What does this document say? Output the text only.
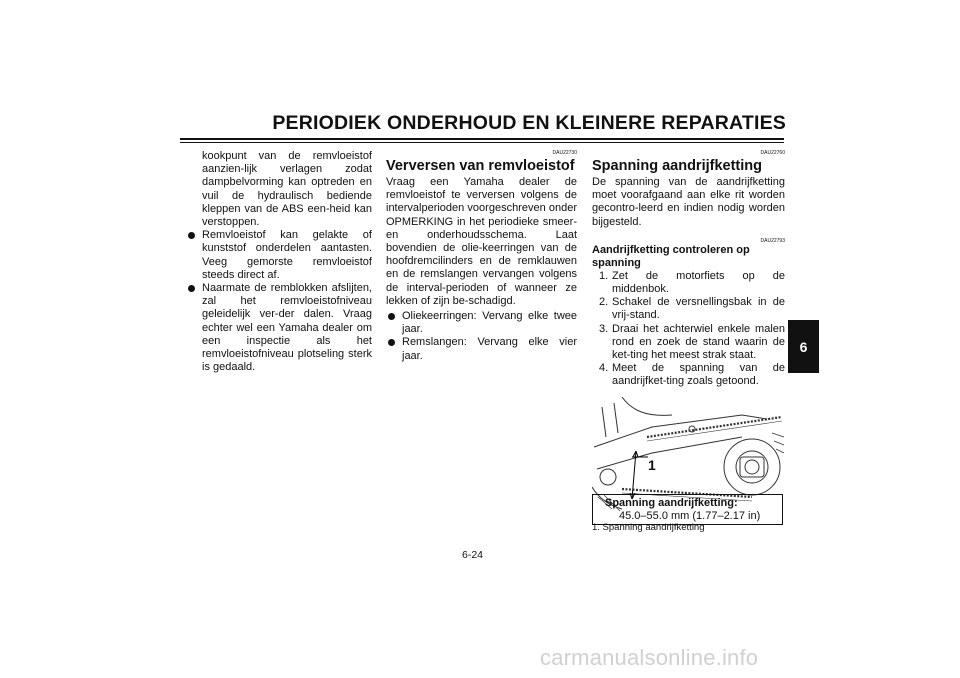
PERIODIEK ONDERHOUD EN KLEINERE REPARATIES
6

kookpunt van de remvloeistof aanzien-lijk verlagen zodat dampbelvorming kan optreden en vuil de hydraulisch bediende kleppen van de ABS een-heid kan verstoppen.

Remvloeistof kan gelakte of kunststof onderdelen aantasten. Veeg gemorste remvloeistof steeds direct af.

Naarmate de remblokken afslijten, zal het remvloeistofniveau geleidelijk ver-der dalen. Vraag echter wel een Yamaha dealer om een inspectie als het remvloeistofniveau plotseling sterk is gedaald.

DAU22730

Verversen van remvloeistof

Vraag een Yamaha dealer de remvloeistof te verversen volgens de intervalperioden voorgeschreven onder OPMERKING in het periodieke smeer- en onderhoudsschema. Laat bovendien de olie-keerringen van de hoofdremcilinders en de remklauwen en de remslangen vervangen volgens de interval-perioden of wanneer ze lekken of zijn be-schadigd.

Oliekeerringen: Vervang elke twee jaar.

Remslangen: Vervang elke vier jaar.

DAU22760

Spanning aandrijfketting

De spanning van de aandrijfketting moet voorafgaand aan elke rit worden gecontro-leerd en indien nodig worden bijgesteld.

DAU22793

Aandrijfketting controleren op spanning

1. Zet de motorfiets op de middenbok.

2. Schakel de versnellingsbak in de vrij-stand.

3. Draai het achterwiel enkele malen rond en zoek de stand waarin de ket-ting het meest strak staat.

4. Meet de spanning van de aandrijfket-ting zoals getoond.

1
1. Spanning aandrijfketting
Spanning aandrijfketting:
45.0–55.0 mm (1.77–2.17 in)
6-24
carmanualsonline.info
